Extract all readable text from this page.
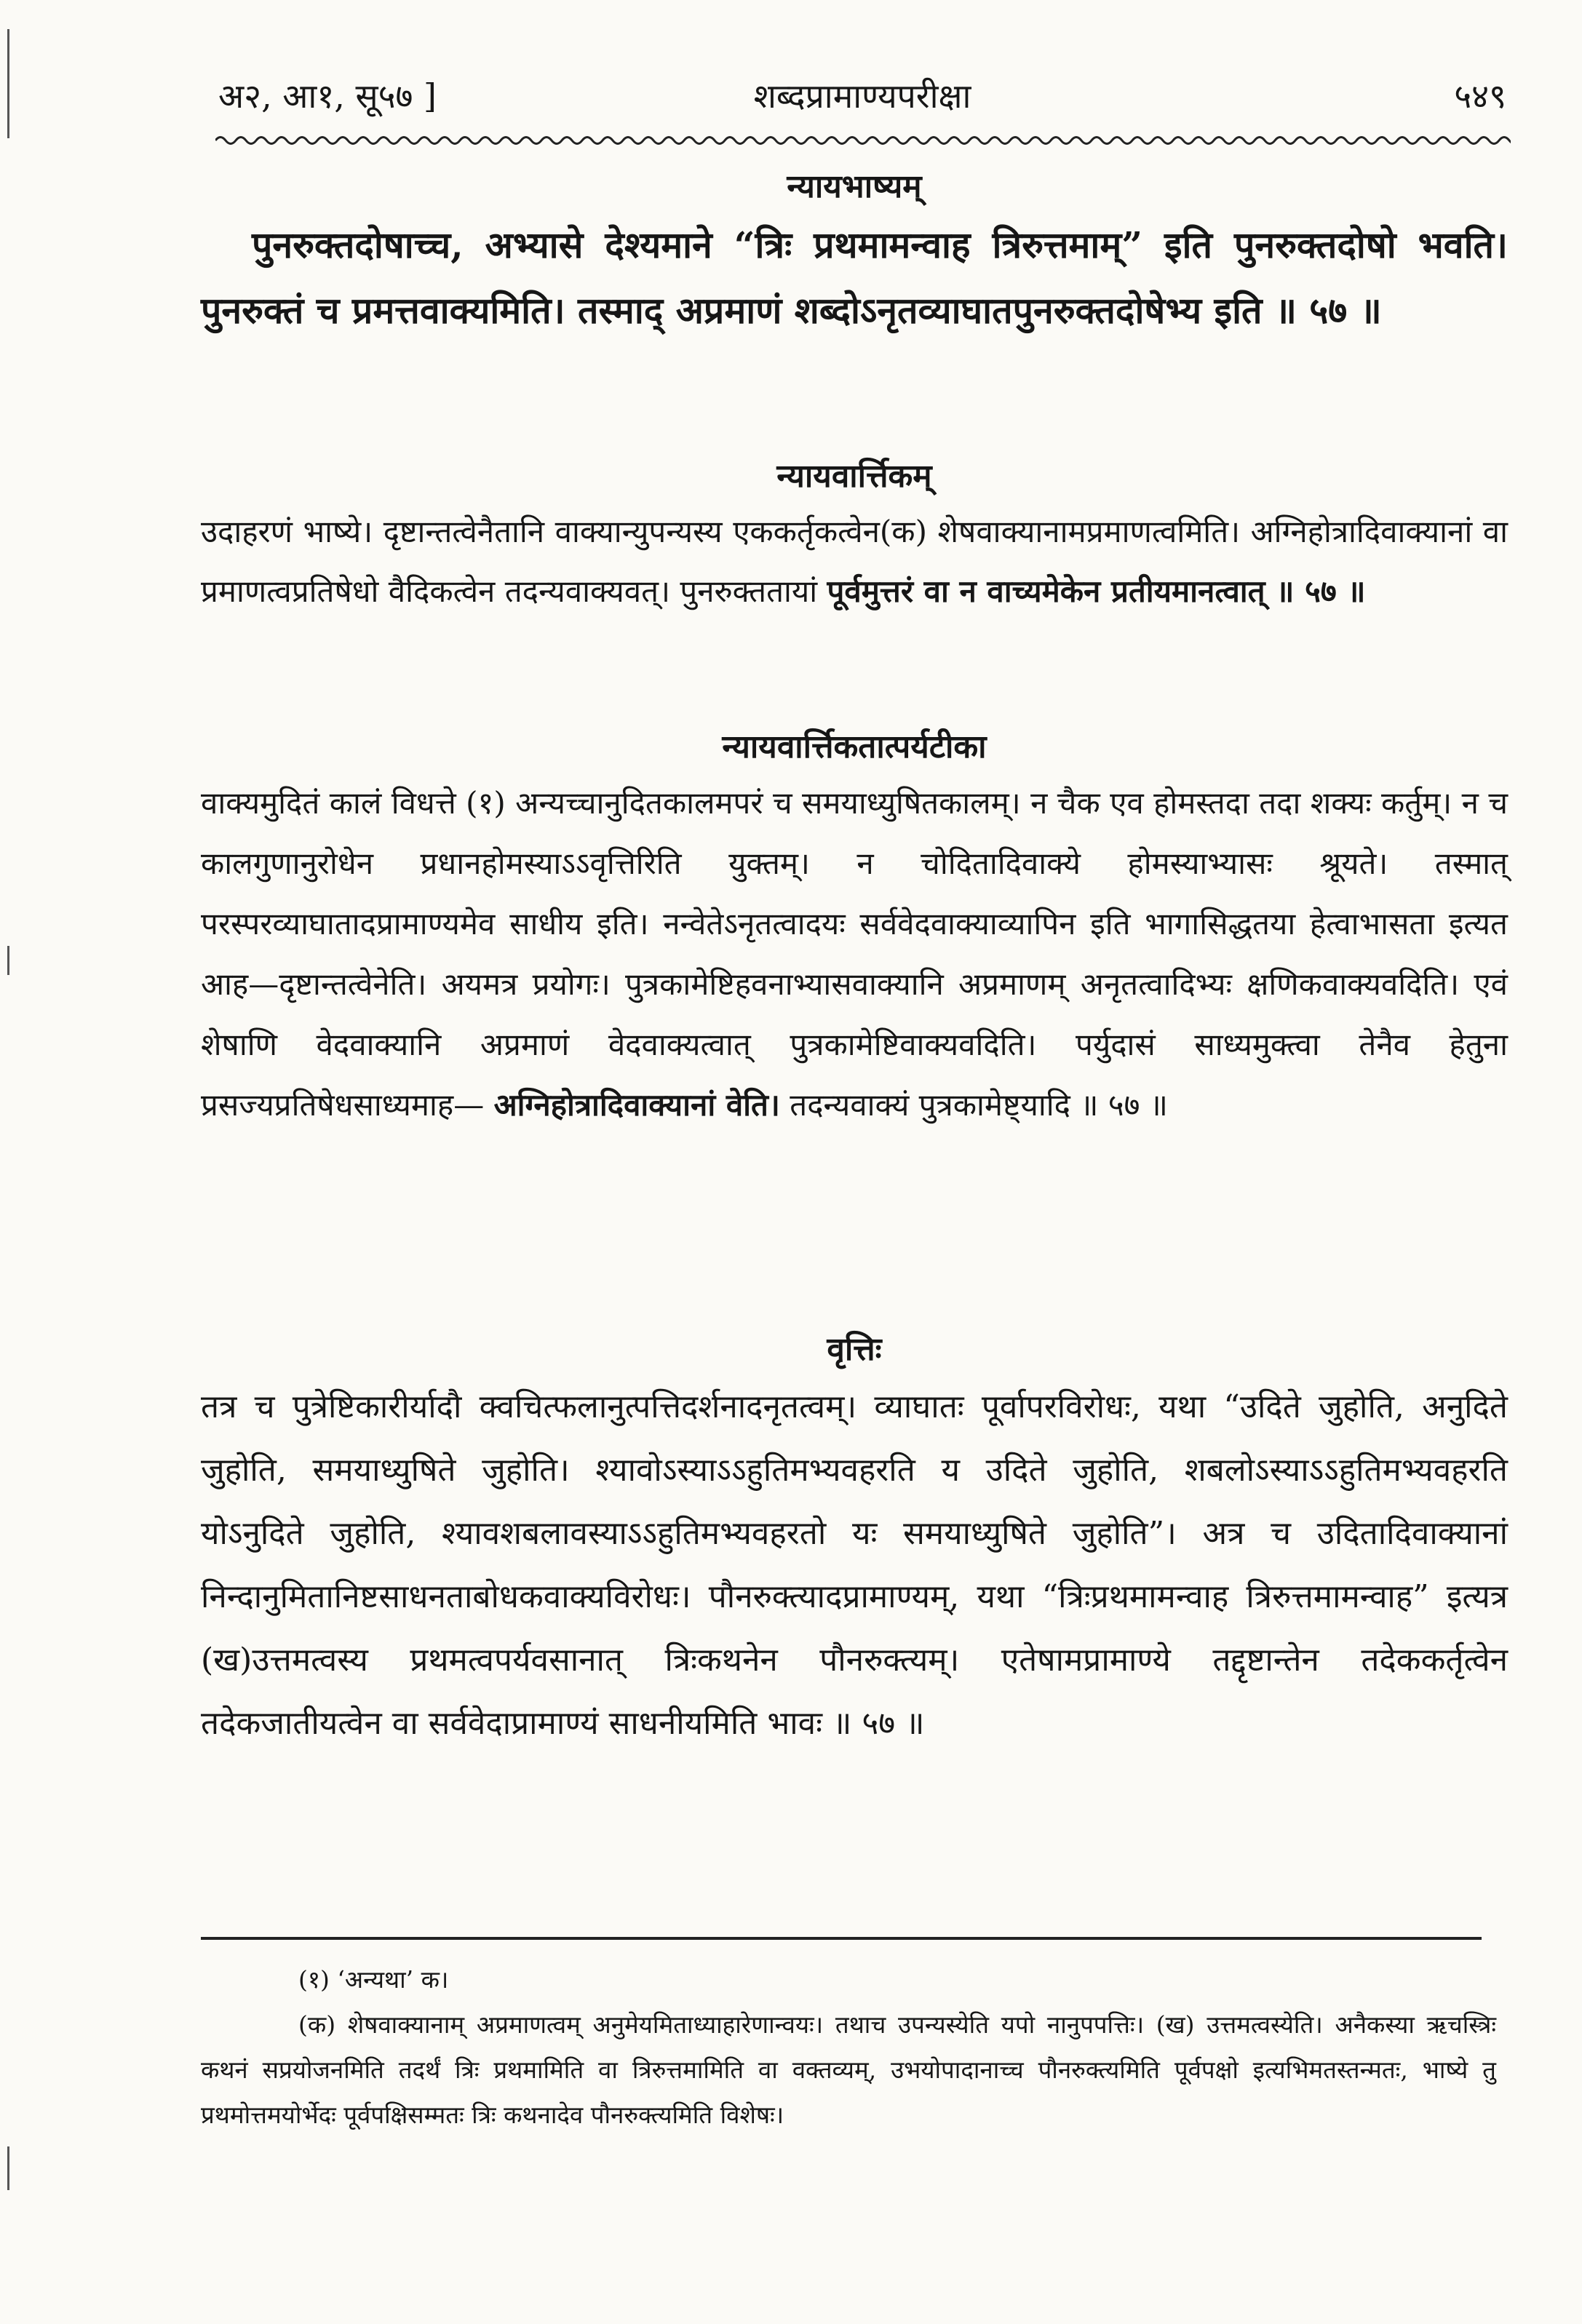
अ२, आ१, सू५७ ]	शब्दप्रामाण्यपरीक्षा	५४९
न्यायभाष्यम्
पुनरुक्तदोषाच्च, अभ्यासे देश्यमाने “त्रिः प्रथमामन्वाह त्रिरुत्तमाम्” इति पुनरुक्तदोषो भवति। पुनरुक्तं च प्रमत्तवाक्यमिति। तस्माद् अप्रमाणं शब्दोऽनृतव्याघातपुनरुक्तदोषेभ्य इति ॥ ५७ ॥
न्यायवार्त्तिकम्
उदाहरणं भाष्ये। दृष्टान्तत्वेनैतानि वाक्यान्युपन्यस्य एककर्तृकत्वेन(क) शेषवाक्यानामप्रमाणत्वमिति। अग्निहोत्रादिवाक्यानां वा प्रमाणत्वप्रतिषेधो वैदिकत्वेन तदन्यवाक्यवत्। पुनरुक्ततायां पूर्वमुत्तरं वा न वाच्यमेकेन प्रतीयमानत्वात् ॥ ५७ ॥
न्यायवार्त्तिकतात्पर्यटीका
वाक्यमुदितं कालं विधत्ते (१) अन्यच्चानुदितकालमपरं च समयाध्युषितकालम्। न चैक एव होमस्तदा तदा शक्यः कर्तुम्। न च कालगुणानुरोधेन प्रधानहोमस्याऽऽवृत्तिरिति युक्तम्। न चोदितादिवाक्ये होमस्याभ्यासः श्रूयते। तस्मात् परस्परव्याघातादप्रामाण्यमेव साधीय इति। नन्वेतेऽनृतत्वादयः सर्ववेदवाक्याव्यापिन इति भागासिद्धतया हेत्वाभासता इत्यत आह—दृष्टान्तत्वेनेति। अयमत्र प्रयोगः। पुत्रकामेष्टिहवनाभ्यासवाक्यानि अप्रमाणम् अनृतत्वादिभ्यः क्षणिकवाक्यवदिति। एवं शेषाणि वेदवाक्यानि अप्रमाणं वेदवाक्यत्वात् पुत्रकामेष्टिवाक्यवदिति। पर्युदासं साध्यमुक्त्वा तेनैव हेतुना प्रसज्यप्रतिषेधसाध्यमाह— अग्निहोत्रादिवाक्यानां वेति। तदन्यवाक्यं पुत्रकामेष्ट्यादि ॥ ५७ ॥
वृत्तिः
तत्र च पुत्रेष्टिकारीर्यादौ क्वचित्फलानुत्पत्तिदर्शनादनृतत्वम्। व्याघातः पूर्वापरविरोधः, यथा “उदिते जुहोति, अनुदिते जुहोति, समयाध्युषिते जुहोति। श्यावोऽस्याऽऽहुतिमभ्यवहरति य उदिते जुहोति, शबलोऽस्याऽऽहुतिमभ्यवहरति योऽनुदिते जुहोति, श्यावशबलावस्याऽऽहुतिमभ्यवहरतो यः समयाध्युषिते जुहोति”। अत्र च उदितादिवाक्यानां निन्दानुमितानिष्टसाधनताबोधकवाक्यविरोधः। पौनरुक्त्यादप्रामाण्यम्, यथा “त्रिःप्रथमामन्वाह त्रिरुत्तमामन्वाह” इत्यत्र (ख)उत्तमत्वस्य प्रथमत्वपर्यवसानात् त्रिःकथनेन पौनरुक्त्यम्। एतेषामप्रामाण्ये तद्दृष्टान्तेन तदेककर्तृत्वेन तदेकजातीयत्वेन वा सर्ववेदाप्रामाण्यं साधनीयमिति भावः ॥ ५७ ॥
(१) ‘अन्यथा’ क।
(क) शेषवाक्यानाम् अप्रमाणत्वम् अनुमेयमिताध्याहारेणान्वयः। तथाच उपन्यस्येति यपो नानुपपत्तिः। (ख) उत्तमत्वस्येति। अनैकस्या ऋचस्त्रिः कथनं सप्रयोजनमिति तदर्थं त्रिः प्रथमामिति वा त्रिरुत्तमामिति वा वक्तव्यम्, उभयोपादानाच्च पौनरुक्त्यमिति पूर्वपक्षो इत्यभिमतस्तन्मतः, भाष्ये तु प्रथमोत्तमयोर्भेदः पूर्वपक्षिसम्मतः त्रिः कथनादेव पौनरुक्त्यमिति विशेषः।
